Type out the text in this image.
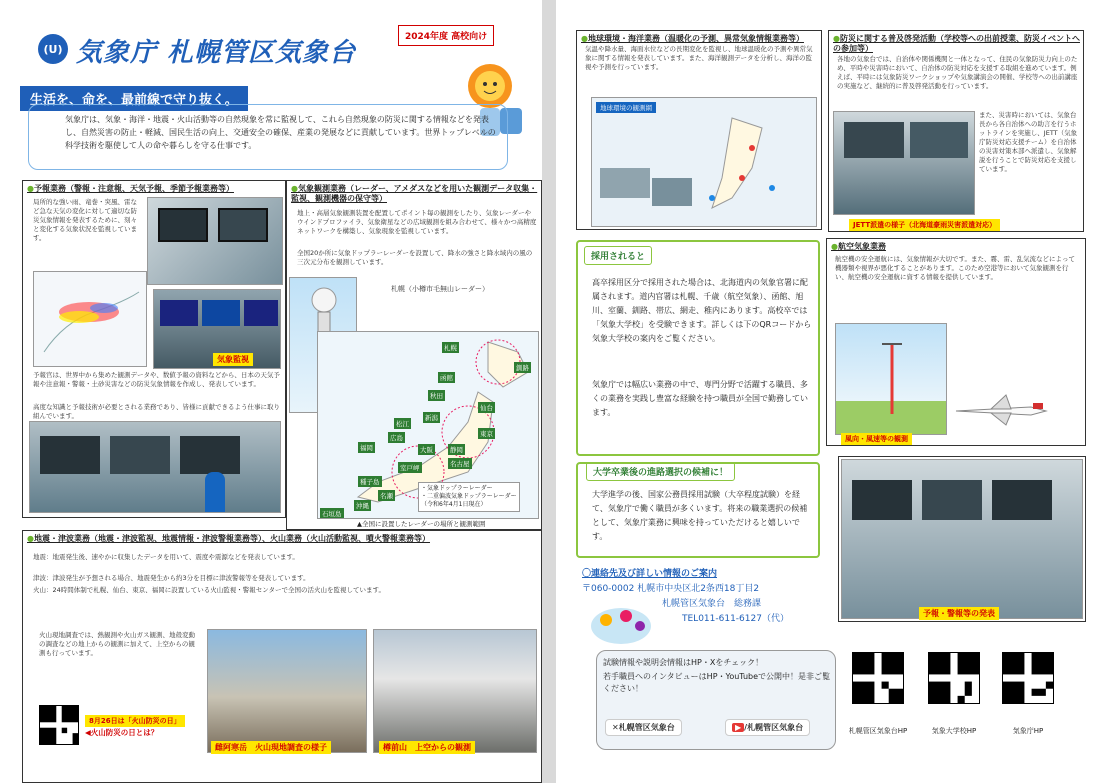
(U) 気象庁 札幌管区気象台
2024年度 高校向け
生活を、命を、最前線で守り抜く。
気象庁は、気象・海洋・地震・火山活動等の自然現象を常に監視して、これら自然現象の防災に関する情報などを発表し、自然災害の防止・軽減、国民生活の向上、交通安全の確保、産業の発展などに貢献しています。世界トップレベルの科学技術を駆使して人の命や暮らしを守る仕事です。
●予報業務（警報・注意報、天気予報、季節予報業務等）
局所的な強い雨、竜巻・突風、雷など急な天気の変化に対して適切な防災気象情報を発表するために、刻々と変化する気象状況を監視しています。
気象監視
予報官は、世界中から集めた観測データや、数値予報の資料などから、日本の天気予報や注意報・警報・土砂災害などの防災気象情報を作成し、発表しています。
高度な知識と予報技術が必要とされる業務であり、皆様に貢献できるよう仕事に取り組んでいます。
●気象観測業務（レーダー、アメダスなどを用いた観測データ収集・監視、観測機器の保守等）
地上・高層気象観測装置を配置してポイント毎の観測をしたり、気象レーダーやウインドプロファイラ、気象衛星などの広域観測を組み合わせて、様々かつ高精度ネットワークを構築し、気象現象を監視しています。
全国20か所に気象ドップラーレーダーを設置して、降水の強さと降水域内の風の三次元分布を観測しています。
札幌（小樽市毛無山レーダー）
札幌
函館
秋田
仙台
新潟
東京
静岡
名古屋
大阪
広島
松江
福岡
室戸岬
種子島
名瀬
沖縄
石垣島
釧路
・気象ドップラーレーダー
・二重偏波気象ドップラーレーダー
（令和6年4月1日現在）
▲全国に設置したレーダーの場所と観測範囲
●地震・津波業務（地震・津波監視、地震情報・津波警報業務等）、火山業務（火山活動監視、噴火警報業務等）
地震：地震発生後、速やかに収集したデータを用いて、震度や震源などを発表しています。
津波：津波発生が予想される場合、地震発生から約3分を目標に津波警報等を発表しています。
火山：24時間体制で札幌、仙台、東京、福岡に設置している火山監視・警報センターで全国の活火山を監視しています。
火山現地調査では、熱観測や火山ガス観測、地殻変動の調査などの地上からの観測に加えて、上空からの観測も行っています。
8月26日は「火山防災の日」
◀火山防災の日とは？
雌阿寒岳　火山現地調査の様子	樽前山　上空からの観測
●地球環境・海洋業務（温暖化の予測、異常気象情報業務等）
気温や降水量、海面水位などの長期変化を監視し、地球温暖化の予測や異常気象に関する情報を発表しています。また、海洋観測データを分析し、海洋の監視や予測を行っています。
地球環境の観測網
●防災に関する普及啓発活動（学校等への出前授業、防災イベントへの参加等）
各地の気象台では、自治体や関係機関と一体となって、住民の気象防災力向上のため、平時や災害時において、自治体の防災対応を支援する取組を進めています。例えば、平時には気象防災ワークショップや気象講演会の開催、学校等への出前講座の実施など、継続的に普及啓発活動を行っています。
また、災害時においては、気象台長から各自治体への助言を行うホットラインを実施し、JETT（気象庁防災対応支援チーム）を自治体の災害対策本部へ派遣し、気象解説を行うことで防災対応を支援しています。
JETT派遣の様子（北海道豪雨災害派遣対応）
採用されると
高卒採用区分で採用された場合は、北海道内の気象官署に配属されます。道内官署は札幌、千歳（航空気象）、函館、旭川、室蘭、釧路、帯広、網走、稚内にあります。高校卒では「気象大学校」を受験できます。詳しくは下のQRコードから気象大学校の案内をご覧ください。
気象庁では幅広い業務の中で、専門分野で活躍する職員、多くの業務を実践し豊富な経験を持つ職員が全国で勤務しています。
●航空気象業務
航空機の安全運航には、気象情報が大切です。また、霧、雷、乱気流などによって機器類や視界が悪化することがあります。このため空港等において気象観測を行い、航空機の安全運航に資する情報を提供しています。
風向・風速等の観測
大学卒業後の進路選択の候補に！
大学進学の後、国家公務員採用試験（大卒程度試験）を経て、気象庁で働く職員が多くいます。将来の職業選択の候補として、気象庁業務に興味を持っていただけると嬉しいです。
予報・警報等の発表
〇連絡先及び詳しい情報のご案内
〒060-0002 札幌市中央区北2条西18丁目2
札幌管区気象台　総務課
TEL011-611-6127（代）
試験情報や説明会情報はHP・Xをチェック！
若手職員へのインタビューはHP・YouTubeで公開中！是非ご覧ください！
✕札幌管区気象台	▶ /札幌管区気象台	札幌管区気象台HP	気象大学校HP	気象庁HP
